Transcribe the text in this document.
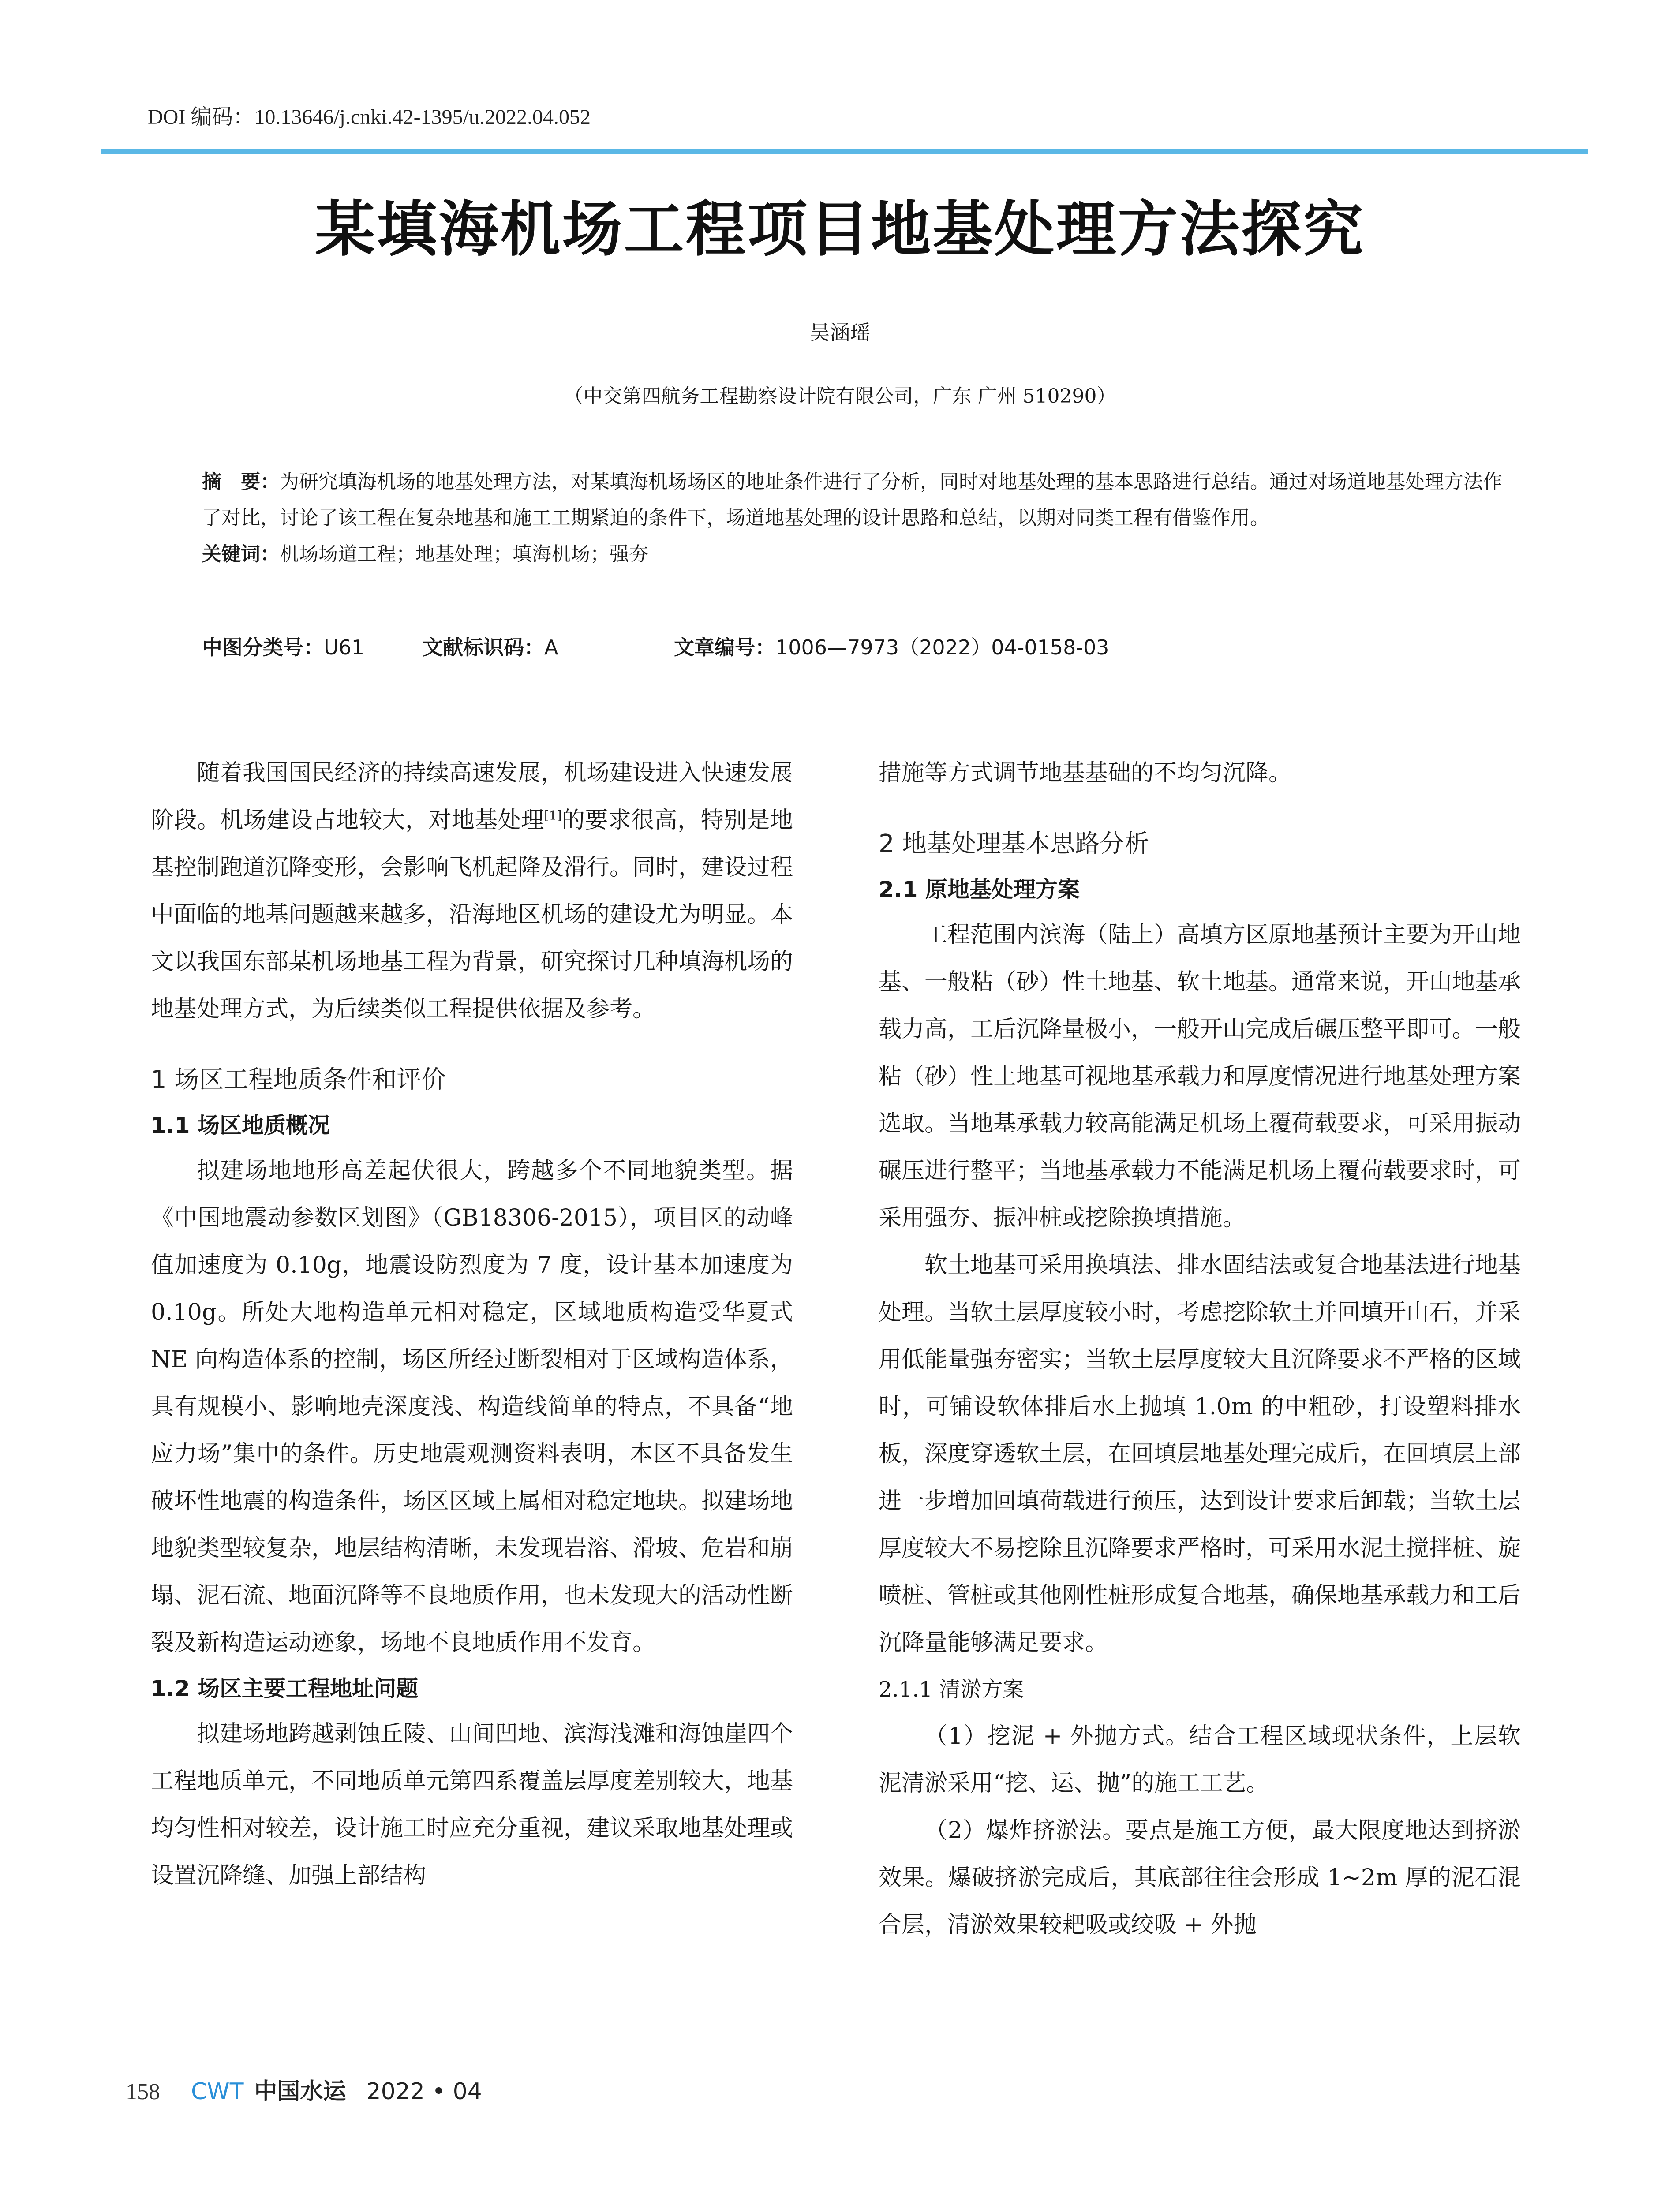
DOI 编码：10.13646/j.cnki.42-1395/u.2022.04.052
某填海机场工程项目地基处理方法探究
吴涵瑶
（中交第四航务工程勘察设计院有限公司，广东 广州 510290）

摘　要：为研究填海机场的地基处理方法，对某填海机场场区的地址条件进行了分析，同时对地基处理的基本思路进行总结。通过对场道地基处理方法作了对比，讨论了该工程在复杂地基和施工工期紧迫的条件下，场道地基处理的设计思路和总结，以期对同类工程有借鉴作用。

关键词：机场场道工程；地基处理；填海机场；强夯

中图分类号：U61	文献标识码：A	文章编号：1006—7973（2022）04-0158-03

随着我国国民经济的持续高速发展，机场建设进入快速发展阶段。机场建设占地较大，对地基处理[1]的要求很高，特别是地基控制跑道沉降变形，会影响飞机起降及滑行。同时，建设过程中面临的地基问题越来越多，沿海地区机场的建设尤为明显。本文以我国东部某机场地基工程为背景，研究探讨几种填海机场的地基处理方式，为后续类似工程提供依据及参考。

1 场区工程地质条件和评价
1.1 场区地质概况

拟建场地地形高差起伏很大，跨越多个不同地貌类型。据《中国地震动参数区划图》（GB18306-2015），项目区的动峰值加速度为 0.10g，地震设防烈度为 7 度，设计基本加速度为 0.10g。所处大地构造单元相对稳定，区域地质构造受华夏式 NE 向构造体系的控制，场区所经过断裂相对于区域构造体系，具有规模小、影响地壳深度浅、构造线简单的特点，不具备“地应力场”集中的条件。历史地震观测资料表明，本区不具备发生破坏性地震的构造条件，场区区域上属相对稳定地块。拟建场地地貌类型较复杂，地层结构清晰，未发现岩溶、滑坡、危岩和崩塌、泥石流、地面沉降等不良地质作用，也未发现大的活动性断裂及新构造运动迹象，场地不良地质作用不发育。

1.2 场区主要工程地址问题

拟建场地跨越剥蚀丘陵、山间凹地、滨海浅滩和海蚀崖四个工程地质单元，不同地质单元第四系覆盖层厚度差别较大，地基均匀性相对较差，设计施工时应充分重视，建议采取地基处理或设置沉降缝、加强上部结构

措施等方式调节地基基础的不均匀沉降。

2 地基处理基本思路分析
2.1 原地基处理方案

工程范围内滨海（陆上）高填方区原地基预计主要为开山地基、一般粘（砂）性土地基、软土地基。通常来说，开山地基承载力高，工后沉降量极小，一般开山完成后碾压整平即可。一般粘（砂）性土地基可视地基承载力和厚度情况进行地基处理方案选取。当地基承载力较高能满足机场上覆荷载要求，可采用振动碾压进行整平；当地基承载力不能满足机场上覆荷载要求时，可采用强夯、振冲桩或挖除换填措施。

软土地基可采用换填法、排水固结法或复合地基法进行地基处理。当软土层厚度较小时，考虑挖除软土并回填开山石，并采用低能量强夯密实；当软土层厚度较大且沉降要求不严格的区域时，可铺设软体排后水上抛填 1.0m 的中粗砂，打设塑料排水板，深度穿透软土层，在回填层地基处理完成后，在回填层上部进一步增加回填荷载进行预压，达到设计要求后卸载；当软土层厚度较大不易挖除且沉降要求严格时，可采用水泥土搅拌桩、旋喷桩、管桩或其他刚性桩形成复合地基，确保地基承载力和工后沉降量能够满足要求。

2.1.1 清淤方案

（1）挖泥 + 外抛方式。结合工程区域现状条件，上层软泥清淤采用“挖、运、抛”的施工工艺。

（2）爆炸挤淤法。要点是施工方便，最大限度地达到挤淤效果。爆破挤淤完成后，其底部往往会形成 1~2m 厚的泥石混合层，清淤效果较耙吸或绞吸 + 外抛

158 CWT 中国水运 2022 • 04
